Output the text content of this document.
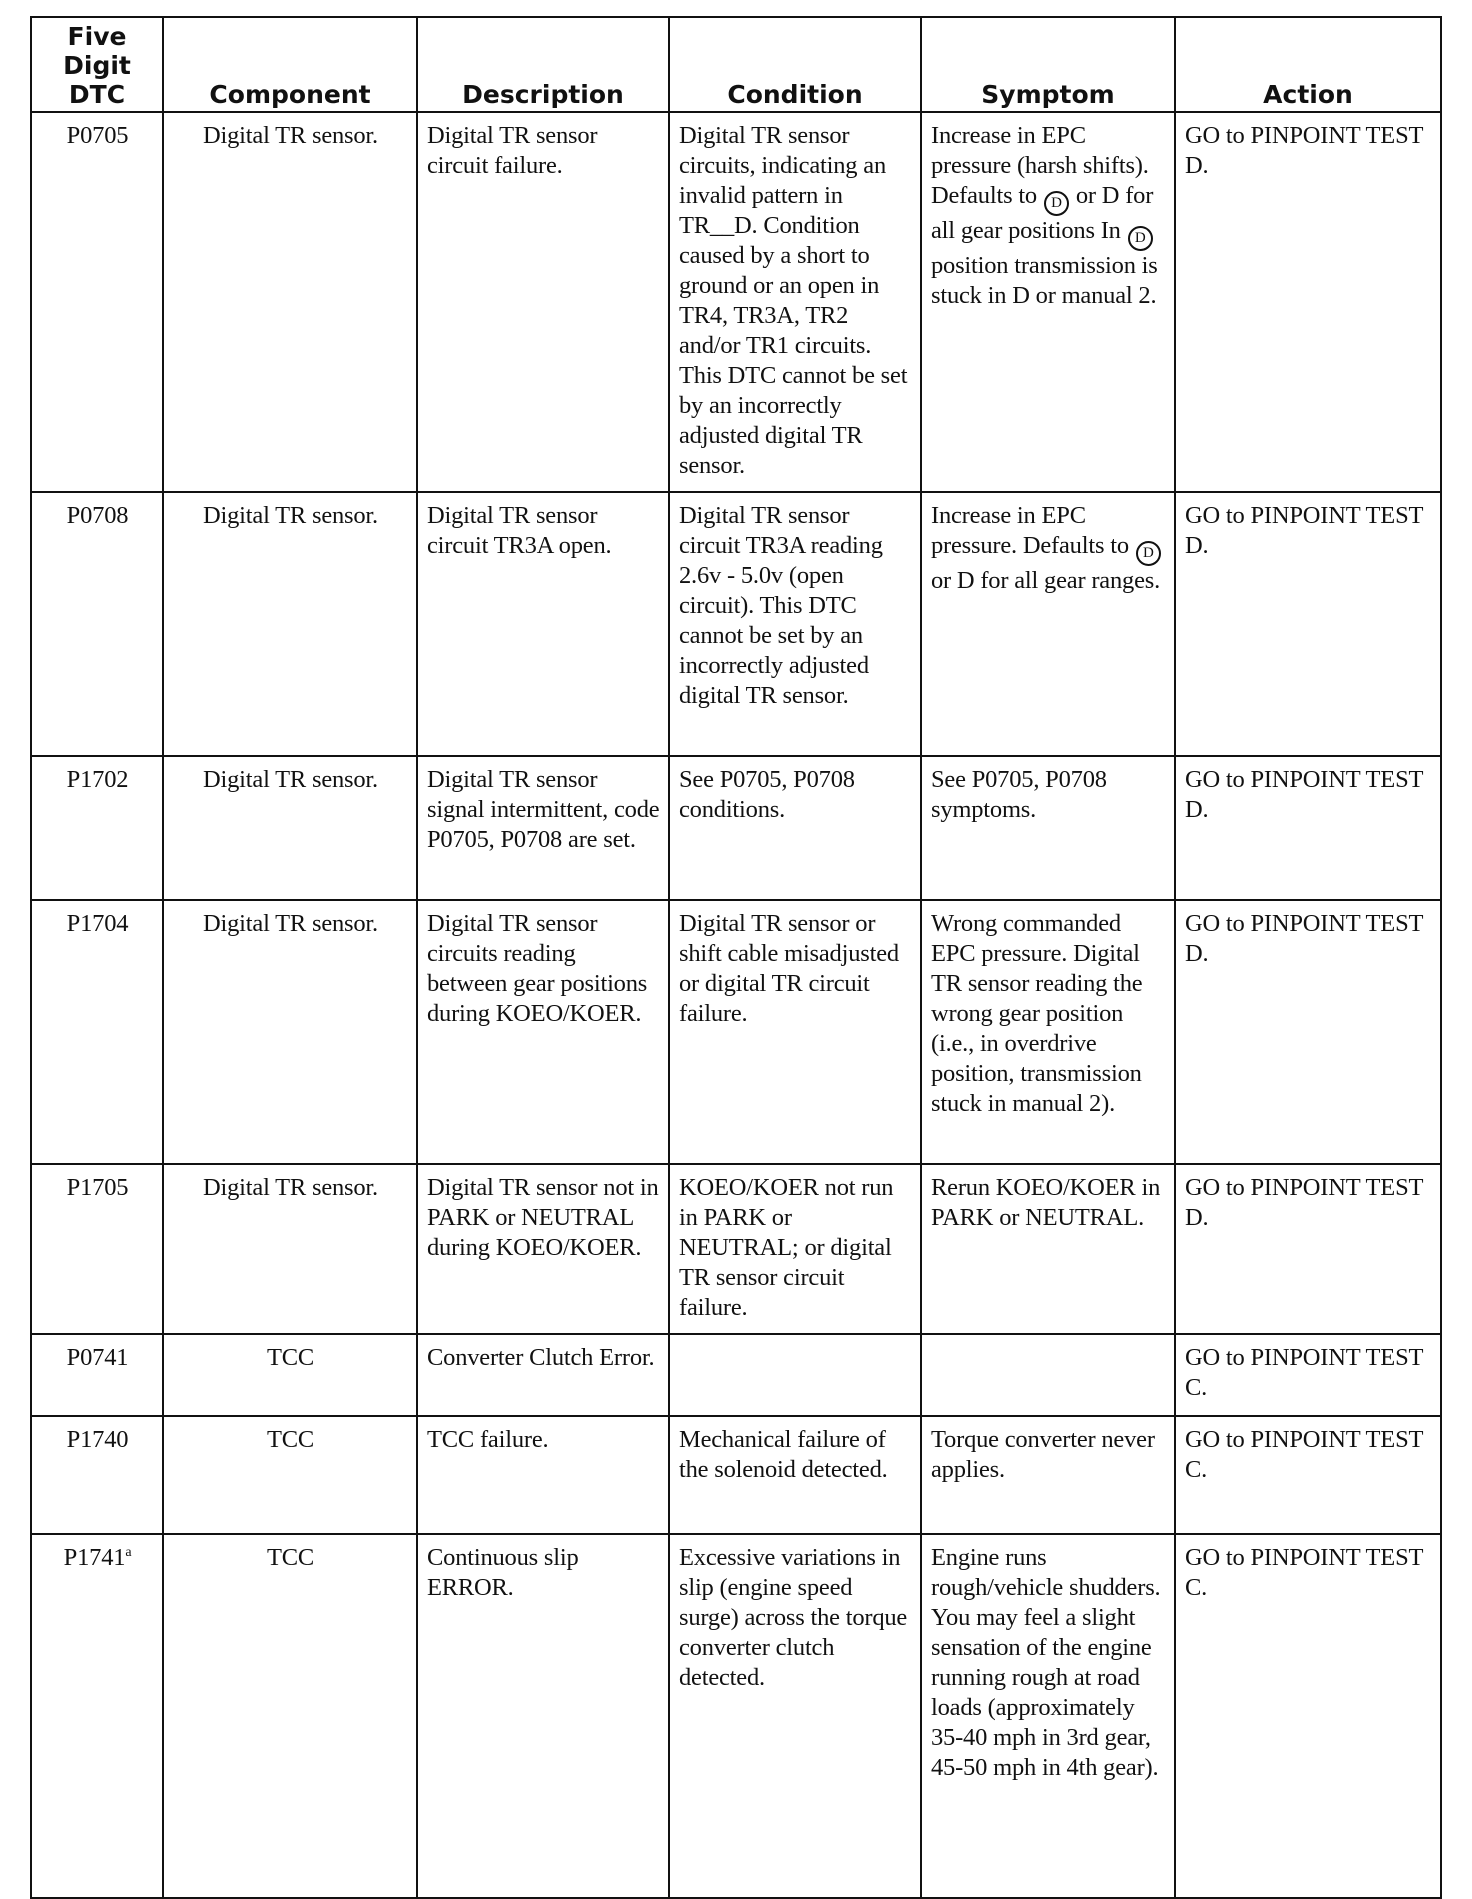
Five
Digit
DTC	Component	Description	Condition	Symptom	Action
P0705	Digital TR sensor.	Digital TR sensor circuit failure.	Digital TR sensor circuits, indicating an invalid pattern in TR__D. Condition caused by a short to ground or an open in TR4, TR3A, TR2 and/or TR1 circuits. This DTC cannot be set by an incorrectly adjusted digital TR sensor.	Increase in EPC pressure (harsh shifts). Defaults to D or D for all gear positions In D position transmission is stuck in D or manual 2.	GO to PINPOINT TEST D.
P0708	Digital TR sensor.	Digital TR sensor circuit TR3A open.	Digital TR sensor circuit TR3A reading 2.6v - 5.0v (open circuit). This DTC cannot be set by an incorrectly adjusted digital TR sensor.	Increase in EPC pressure. Defaults to D or D for all gear ranges.	GO to PINPOINT TEST D.
P1702	Digital TR sensor.	Digital TR sensor signal intermittent, code P0705, P0708 are set.	See P0705, P0708 conditions.	See P0705, P0708 symptoms.	GO to PINPOINT TEST D.
P1704	Digital TR sensor.	Digital TR sensor circuits reading between gear positions during KOEO/KOER.	Digital TR sensor or shift cable misadjusted or digital TR circuit failure.	Wrong commanded EPC pressure. Digital TR sensor reading the wrong gear position (i.e., in overdrive position, transmission stuck in manual 2).	GO to PINPOINT TEST D.
P1705	Digital TR sensor.	Digital TR sensor not in PARK or NEUTRAL during KOEO/KOER.	KOEO/KOER not run in PARK or NEUTRAL; or digital TR sensor circuit failure.	Rerun KOEO/KOER in PARK or NEUTRAL.	GO to PINPOINT TEST D.
P0741	TCC	Converter Clutch Error.			GO to PINPOINT TEST C.
P1740	TCC	TCC failure.	Mechanical failure of the solenoid detected.	Torque converter never applies.	GO to PINPOINT TEST C.
P1741$^a$	TCC	Continuous slip ERROR.	Excessive variations in slip (engine speed surge) across the torque converter clutch detected.	Engine runs rough/vehicle shudders. You may feel a slight sensation of the engine running rough at road loads (approximately 35-40 mph in 3rd gear, 45-50 mph in 4th gear).	GO to PINPOINT TEST C.
